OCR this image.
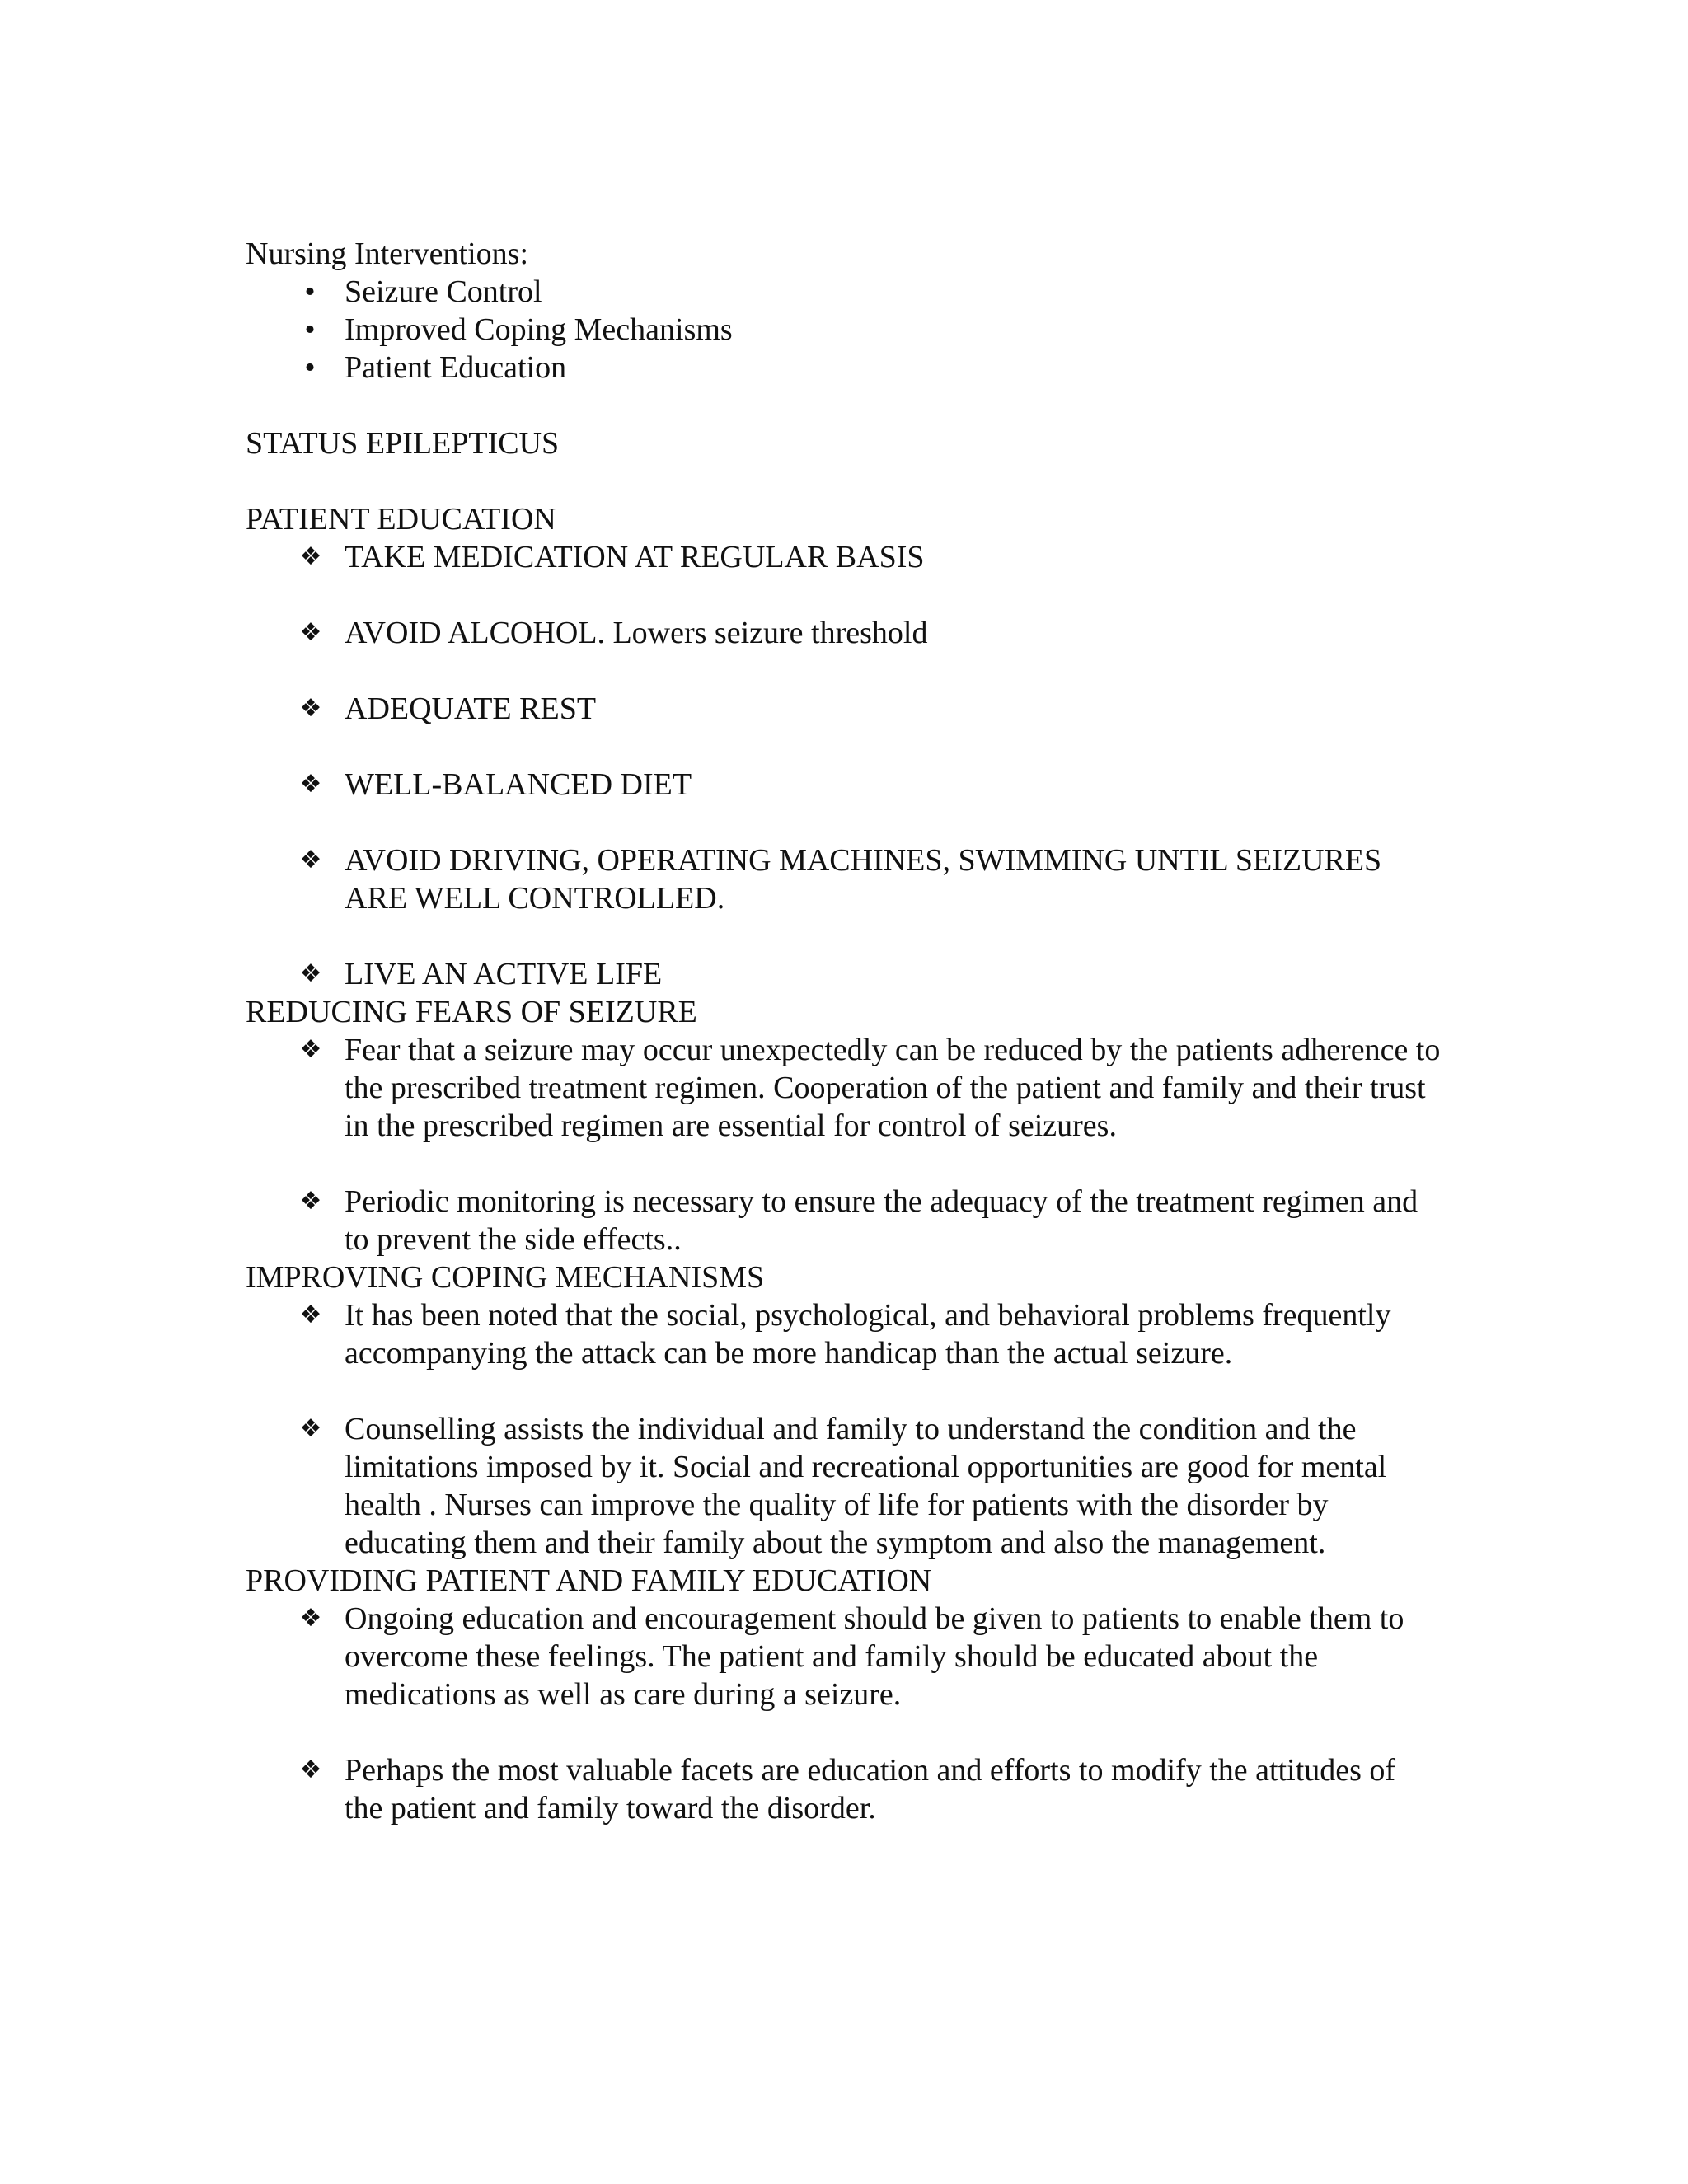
Nursing Interventions:

• Seizure Control
• Improved Coping Mechanisms
• Patient Education

STATUS EPILEPTICUS

PATIENT EDUCATION

❖ TAKE MEDICATION AT REGULAR BASIS
❖ AVOID ALCOHOL. Lowers seizure threshold
❖ ADEQUATE REST
❖ WELL-BALANCED DIET
❖ AVOID DRIVING, OPERATING MACHINES, SWIMMING UNTIL SEIZURES ARE WELL CONTROLLED.
❖ LIVE AN ACTIVE LIFE

REDUCING FEARS OF SEIZURE

❖ Fear that a seizure may occur unexpectedly can be reduced by the patients adherence to the prescribed treatment regimen. Cooperation of the patient and family and their trust in the prescribed regimen are essential for control of seizures.
❖ Periodic monitoring is necessary to ensure the adequacy of the treatment regimen and to prevent the side effects..

IMPROVING COPING MECHANISMS

❖ It has been noted that the social, psychological, and behavioral problems frequently accompanying the attack can be more handicap than the actual seizure.
❖ Counselling assists the individual and family to understand the condition and the limitations imposed by it. Social and recreational opportunities are good for mental health . Nurses can improve the quality of life for patients with the disorder by educating them and their family about the symptom and also the management.

PROVIDING PATIENT AND FAMILY EDUCATION

❖ Ongoing education and encouragement should be given to patients to enable them to overcome these feelings. The patient and family should be educated about the medications as well as care during a seizure.
❖ Perhaps the most valuable facets are education and efforts to modify the attitudes of the patient and family toward the disorder.
